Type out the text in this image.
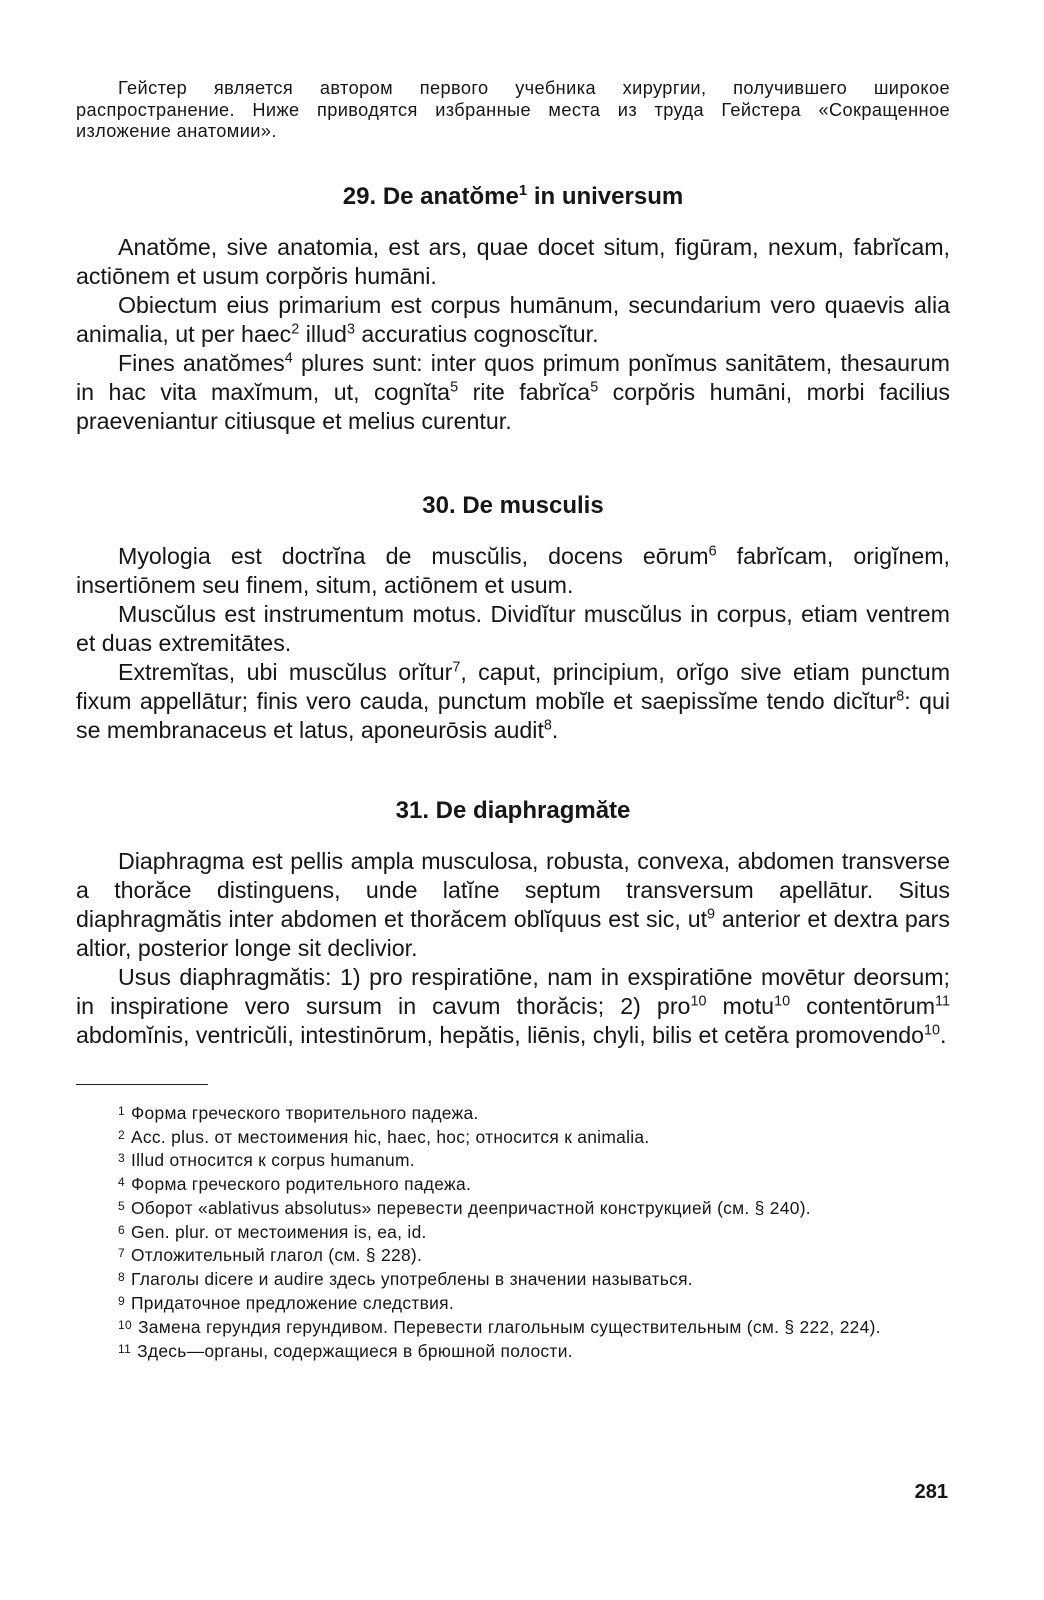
Гейстер является автором первого учебника хирургии, получившего широкое распространение. Ниже приводятся избранные места из труда Гейстера «Сокращенное изложение анатомии».

29. De anatŏme$^1$ in universum

Anatŏme, sive anatomia, est ars, quae docet situm, figūram, nexum, fabrĭcam, actiōnem et usum corpŏris humāni.

Obiectum eius primarium est corpus humānum, secundarium vero quaevis alia animalia, ut per haec$^2$ illud$^3$ accuratius cognoscĭtur.

Fines anatŏmes$^4$ plures sunt: inter quos primum ponĭmus sanitātem, thesaurum in hac vita maxĭmum, ut, cognĭta$^5$ rite fabrĭca$^5$ corpŏris humāni, morbi facilius praeveniantur citiusque et melius curentur.

30. De musculis

Myologia est doctrĭna de muscŭlis, docens eōrum$^6$ fabrĭcam, origĭnem, insertiōnem seu finem, situm, actiōnem et usum.

Muscŭlus est instrumentum motus. Dividĭtur muscŭlus in corpus, etiam ventrem et duas extremitātes.

Extremĭtas, ubi muscŭlus orĭtur$^7$, caput, principium, orĭgo sive etiam punctum fixum appellātur; finis vero cauda, punctum mobĭle et saepissĭme tendo dicĭtur$^8$: qui se membranaceus et latus, aponeurōsis audit$^8$.

31. De diaphragmăte

Diaphragma est pellis ampla musculosa, robusta, convexa, abdomen transverse a thorăce distinguens, unde latĭne septum transversum apellātur. Situs diaphragmătis inter abdomen et thorăcem oblĭquus est sic, $ut^9$ anterior et dextra pars altior, posterior longe sit declivior.

Usus diaphragmătis: 1) pro respiratiōne, nam in exspiratiōne movētur deorsum; in inspiratione vero sursum in cavum thorăcis; 2) pro$^{10}$ motu$^{10}$ contentōrum$^{11}$ abdomĭnis, ventricŭli, intestinōrum, hepătis, liēnis, chyli, bilis et cetĕra promovendo$^{10}$.

$^1$ Форма греческого творительного падежа.

$^2$ Acc. plus. от местоимения hic, haec, hoc; относится к animalia.

$^3$ Illud относится к corpus humanum.

$^4$ Форма греческого родительного падежа.

$^5$ Оборот «ablativus absolutus» перевести деепричастной конструкцией (см. § 240).

$^6$ Gen. plur. от местоимения is, ea, id.

$^7$ Отложительный глагол (см. § 228).

$^8$ Глаголы dicere и audire здесь употреблены в значении называться.

$^9$ Придаточное предложение следствия.

$^{10}$ Замена герундия герундивом. Перевести глагольным существительным (см. § 222, 224).

$^{11}$ Здесь—органы, содержащиеся в брюшной полости.

281
